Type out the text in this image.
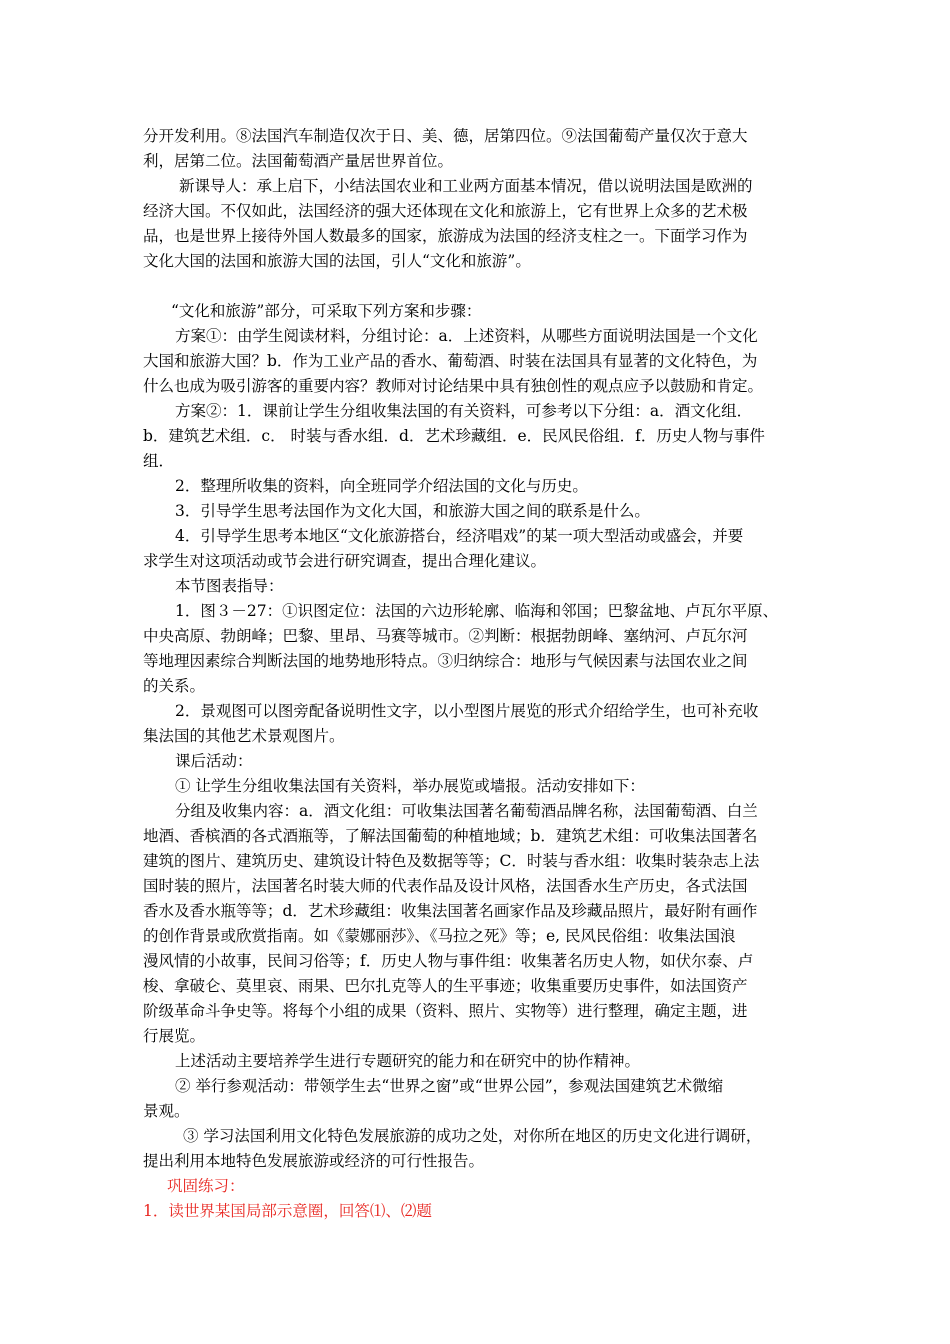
分开发利用。⑧法国汽车制造仅次于日、美、德，居第四位。⑨法国葡萄产量仅次于意大
利，居第二位。法国葡萄酒产量居世界首位。
新课导人：承上启下，小结法国农业和工业两方面基本情况，借以说明法国是欧洲的
经济大国。不仅如此，法国经济的强大还体现在文化和旅游上，它有世界上众多的艺术极
品，也是世界上接待外国人数最多的国家，旅游成为法国的经济支柱之一。下面学习作为
文化大国的法国和旅游大国的法国，引人“文化和旅游”。
“文化和旅游”部分，可采取下列方案和步骤：
方案①：由学生阅读材料，分组讨论：a．上述资料，从哪些方面说明法国是一个文化
大国和旅游大国？b．作为工业产品的香水、葡萄酒、时装在法国具有显著的文化特色，为
什么也成为吸引游客的重要内容？教师对讨论结果中具有独创性的观点应予以鼓励和肯定。
方案②：1．课前让学生分组收集法国的有关资料，可参考以下分组：a．酒文化组．
b．建筑艺术组．c． 时装与香水组．d．艺术珍藏组．e．民风民俗组．f．历史人物与事件
组．
2．整理所收集的资料，向全班同学介绍法国的文化与历史。
3．引导学生思考法国作为文化大国，和旅游大国之间的联系是什么。
4．引导学生思考本地区“文化旅游搭台，经济唱戏”的某一项大型活动或盛会，并要
求学生对这项活动或节会进行研究调查，提出合理化建议。
本节图表指导：
1．图３－27：①识图定位：法国的六边形轮廓、临海和邻国；巴黎盆地、卢瓦尔平原、
中央高原、勃朗峰；巴黎、里昂、马赛等城市。②判断：根据勃朗峰、塞纳河、卢瓦尔河
等地理因素综合判断法国的地势地形特点。③归纳综合：地形与气候因素与法国农业之间
的关系。
2．景观图可以图旁配备说明性文字，以小型图片展览的形式介绍给学生，也可补充收
集法国的其他艺术景观图片。
课后活动：
① 让学生分组收集法国有关资料，举办展览或墙报。活动安排如下：
分组及收集内容：a．酒文化组：可收集法国著名葡萄酒品牌名称，法国葡萄酒、白兰
地酒、香槟酒的各式酒瓶等，了解法国葡萄的种植地域；b．建筑艺术组：可收集法国著名
建筑的图片、建筑历史、建筑设计特色及数据等等；C．时装与香水组：收集时装杂志上法
国时装的照片，法国著名时装大师的代表作品及设计风格，法国香水生产历史，各式法国
香水及香水瓶等等；d．艺术珍藏组：收集法国著名画家作品及珍藏品照片，最好附有画作
的创作背景或欣赏指南。如《蒙娜丽莎》、《马拉之死》等；e, 民风民俗组：收集法国浪
漫风情的小故事，民间习俗等；f．历史人物与事件组：收集著名历史人物，如伏尔泰、卢
梭、拿破仑、莫里哀、雨果、巴尔扎克等人的生平事迹；收集重要历史事件，如法国资产
阶级革命斗争史等。将每个小组的成果（资料、照片、实物等）进行整理，确定主题，进
行展览。
上述活动主要培养学生进行专题研究的能力和在研究中的协作精神。
② 举行参观活动：带领学生去“世界之窗”或“世界公园”，参观法国建筑艺术微缩
景观。
③ 学习法国利用文化特色发展旅游的成功之处，对你所在地区的历史文化进行调研，
提出利用本地特色发展旅游或经济的可行性报告。
巩固练习：
1．读世界某国局部示意圈，回答⑴、⑵题
